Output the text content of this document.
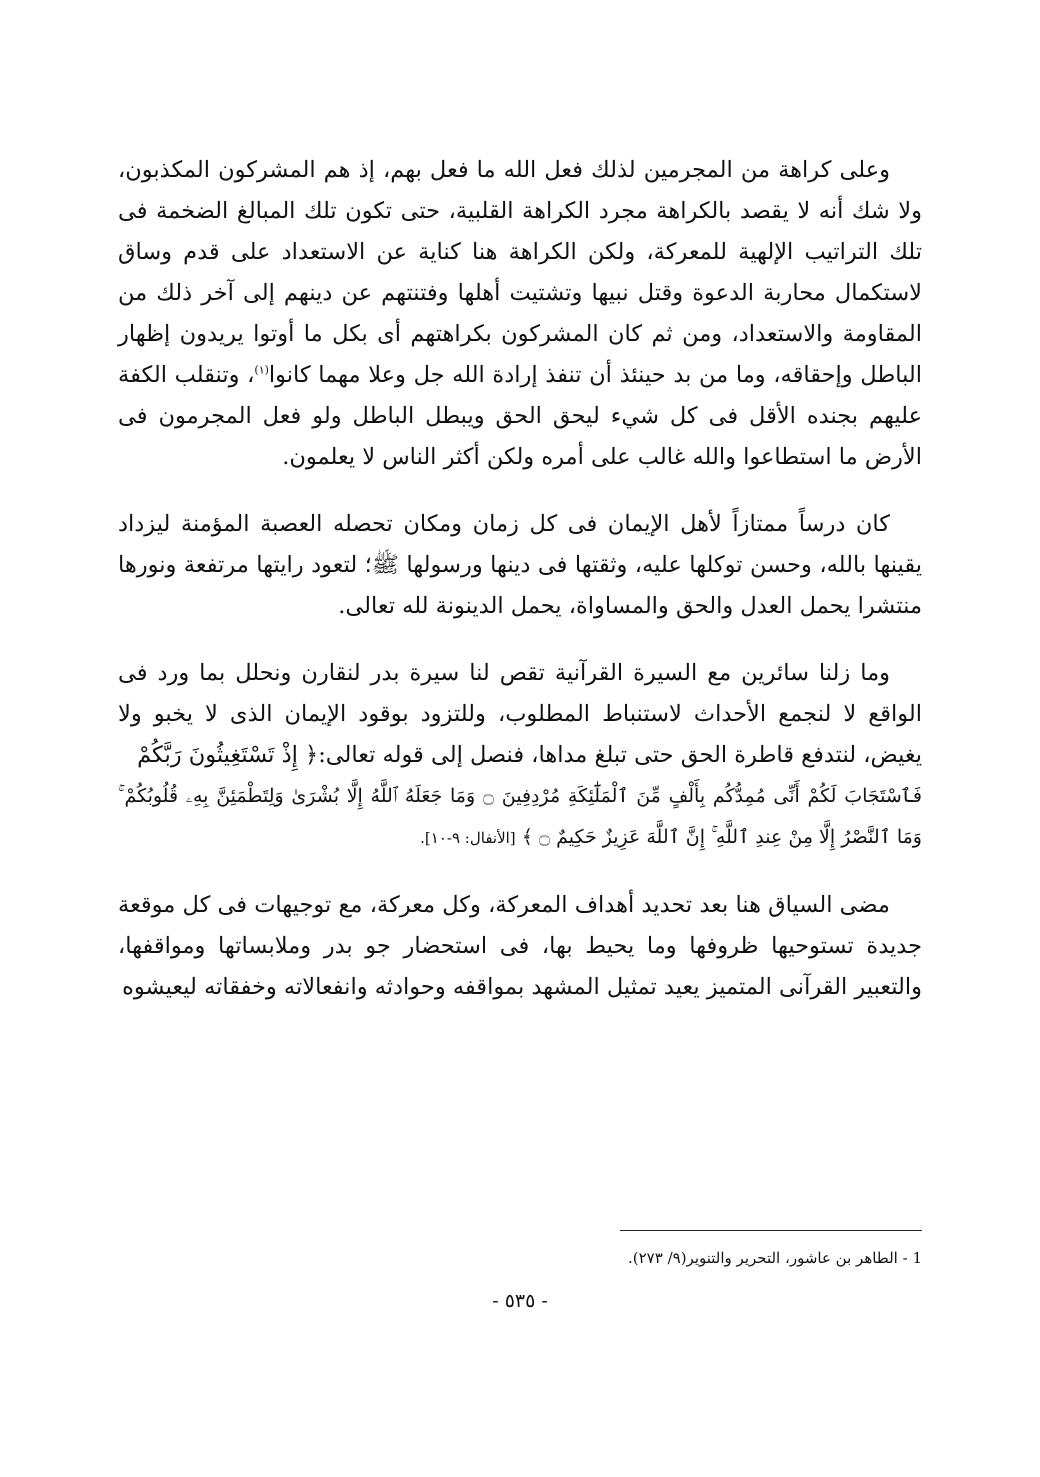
وعلى كراهة من المجرمين لذلك فعل الله ما فعل بهم، إذ هم المشركون المكذبون، ولا شك أنه لا يقصد بالكراهة مجرد الكراهة القلبية، حتى تكون تلك المبالغ الضخمة فى تلك التراتيب الإلهية للمعركة، ولكن الكراهة هنا كناية عن الاستعداد على قدم وساق لاستكمال محاربة الدعوة وقتل نبيها وتشتيت أهلها وفتنتهم عن دينهم إلى آخر ذلك من المقاومة والاستعداد، ومن ثم كان المشركون بكراهتهم أى بكل ما أوتوا يريدون إظهار الباطل وإحقاقه، وما من بد حينئذ أن تنفذ إرادة الله جل وعلا مهما كانوا$^{(١)}$، وتنقلب الكفة عليهم بجنده الأقل فى كل شيء ليحق الحق ويبطل الباطل ولو فعل المجرمون فى الأرض ما استطاعوا والله غالب على أمره ولكن أكثر الناس لا يعلمون.

كان درساً ممتازاً لأهل الإيمان فى كل زمان ومكان تحصله العصبة المؤمنة ليزداد يقينها بالله، وحسن توكلها عليه، وثقتها فى دينها ورسولها ﷺ؛ لتعود رايتها مرتفعة ونورها منتشرا يحمل العدل والحق والمساواة، يحمل الدينونة لله تعالى.

وما زلنا سائرين مع السيرة القرآنية تقص لنا سيرة بدر لنقارن ونحلل بما ورد فى الواقع لا لنجمع الأحداث لاستنباط المطلوب، وللتزود بوقود الإيمان الذى لا يخبو ولا يغيض، لنتدفع قاطرة الحق حتى تبلغ مداها، فنصل إلى قوله تعالى:﴿ إِذْ تَسْتَغِيثُونَ رَبَّكُمْ
فَٱسْتَجَابَ لَكُمْ أَنِّى مُمِدُّكُم بِأَلْفٍ مِّنَ ٱلْمَلَٰٓئِكَةِ مُرْدِفِينَ ۝ وَمَا جَعَلَهُ ٱللَّهُ إِلَّا بُشْرَىٰ وَلِتَطْمَئِنَّ بِهِۦ قُلُوبُكُمْ ۚ
وَمَا ٱلنَّصْرُ إِلَّا مِنْ عِندِ ٱللَّهِ ۚ إِنَّ ٱللَّهَ عَزِيزٌ حَكِيمٌ ۝ ﴾ [الأنفال: ٩-١٠].

مضى السياق هنا بعد تحديد أهداف المعركة، وكل معركة، مع توجيهات فى كل موقعة جديدة تستوحيها ظروفها وما يحيط بها، فى استحضار جو بدر وملابساتها ومواقفها، والتعبير القرآنى المتميز يعيد تمثيل المشهد بمواقفه وحوادثه وانفعالاته وخفقاته ليعيشوه

1 - الطاهر بن عاشور، التحرير والتنوير(٩/ ٢٧٣).
- ٥٣٥ -
